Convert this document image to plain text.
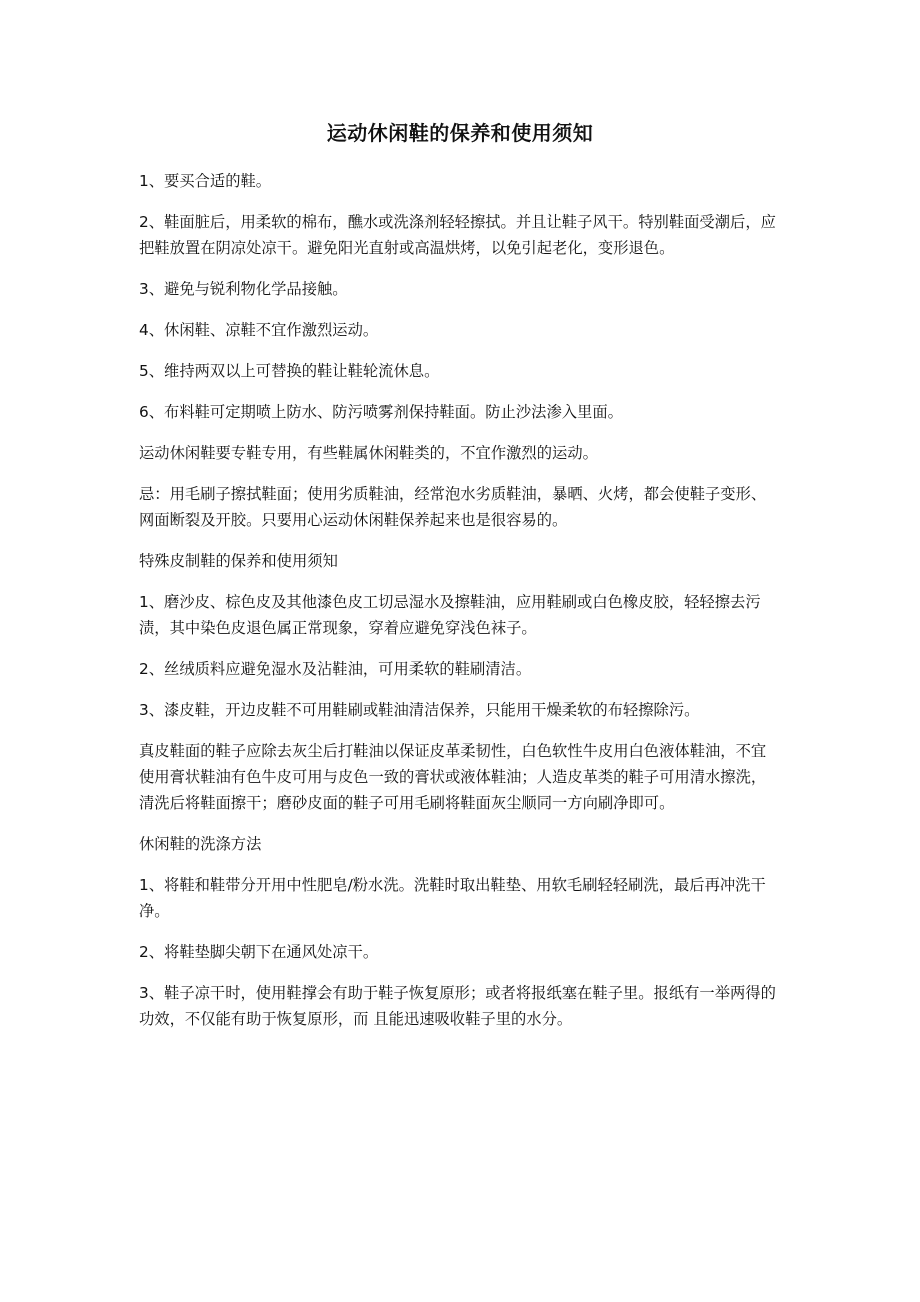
运动休闲鞋的保养和使用须知

1、要买合适的鞋。

2、鞋面脏后，用柔软的棉布，醮水或洗涤剂轻轻擦拭。并且让鞋子风干。特别鞋面受潮后，应把鞋放置在阴凉处凉干。避免阳光直射或高温烘烤，以免引起老化，变形退色。

3、避免与锐利物化学品接触。

4、休闲鞋、凉鞋不宜作激烈运动。

5、维持两双以上可替换的鞋让鞋轮流休息。

6、布料鞋可定期喷上防水、防污喷雾剂保持鞋面。防止沙法渗入里面。

运动休闲鞋要专鞋专用，有些鞋属休闲鞋类的，不宜作激烈的运动。

忌：用毛刷子擦拭鞋面；使用劣质鞋油，经常泡水劣质鞋油，暴晒、火烤，都会使鞋子变形、网面断裂及开胶。只要用心运动休闲鞋保养起来也是很容易的。

特殊皮制鞋的保养和使用须知

1、磨沙皮、棕色皮及其他漆色皮工切忌湿水及擦鞋油，应用鞋刷或白色橡皮胶，轻轻擦去污渍，其中染色皮退色属正常现象，穿着应避免穿浅色袜子。

2、丝绒质料应避免湿水及沾鞋油，可用柔软的鞋刷清洁。

3、漆皮鞋，开边皮鞋不可用鞋刷或鞋油清洁保养，只能用干燥柔软的布轻擦除污。

真皮鞋面的鞋子应除去灰尘后打鞋油以保证皮革柔韧性，白色软性牛皮用白色液体鞋油，不宜使用膏状鞋油有色牛皮可用与皮色一致的膏状或液体鞋油；人造皮革类的鞋子可用清水擦洗，清洗后将鞋面擦干；磨砂皮面的鞋子可用毛刷将鞋面灰尘顺同一方向刷净即可。

休闲鞋的洗涤方法

1、将鞋和鞋带分开用中性肥皂/粉水洗。洗鞋时取出鞋垫、用软毛刷轻轻刷洗，最后再冲洗干净。

2、将鞋垫脚尖朝下在通风处凉干。

3、鞋子凉干时，使用鞋撑会有助于鞋子恢复原形；或者将报纸塞在鞋子里。报纸有一举两得的功效，不仅能有助于恢复原形，而 且能迅速吸收鞋子里的水分。
